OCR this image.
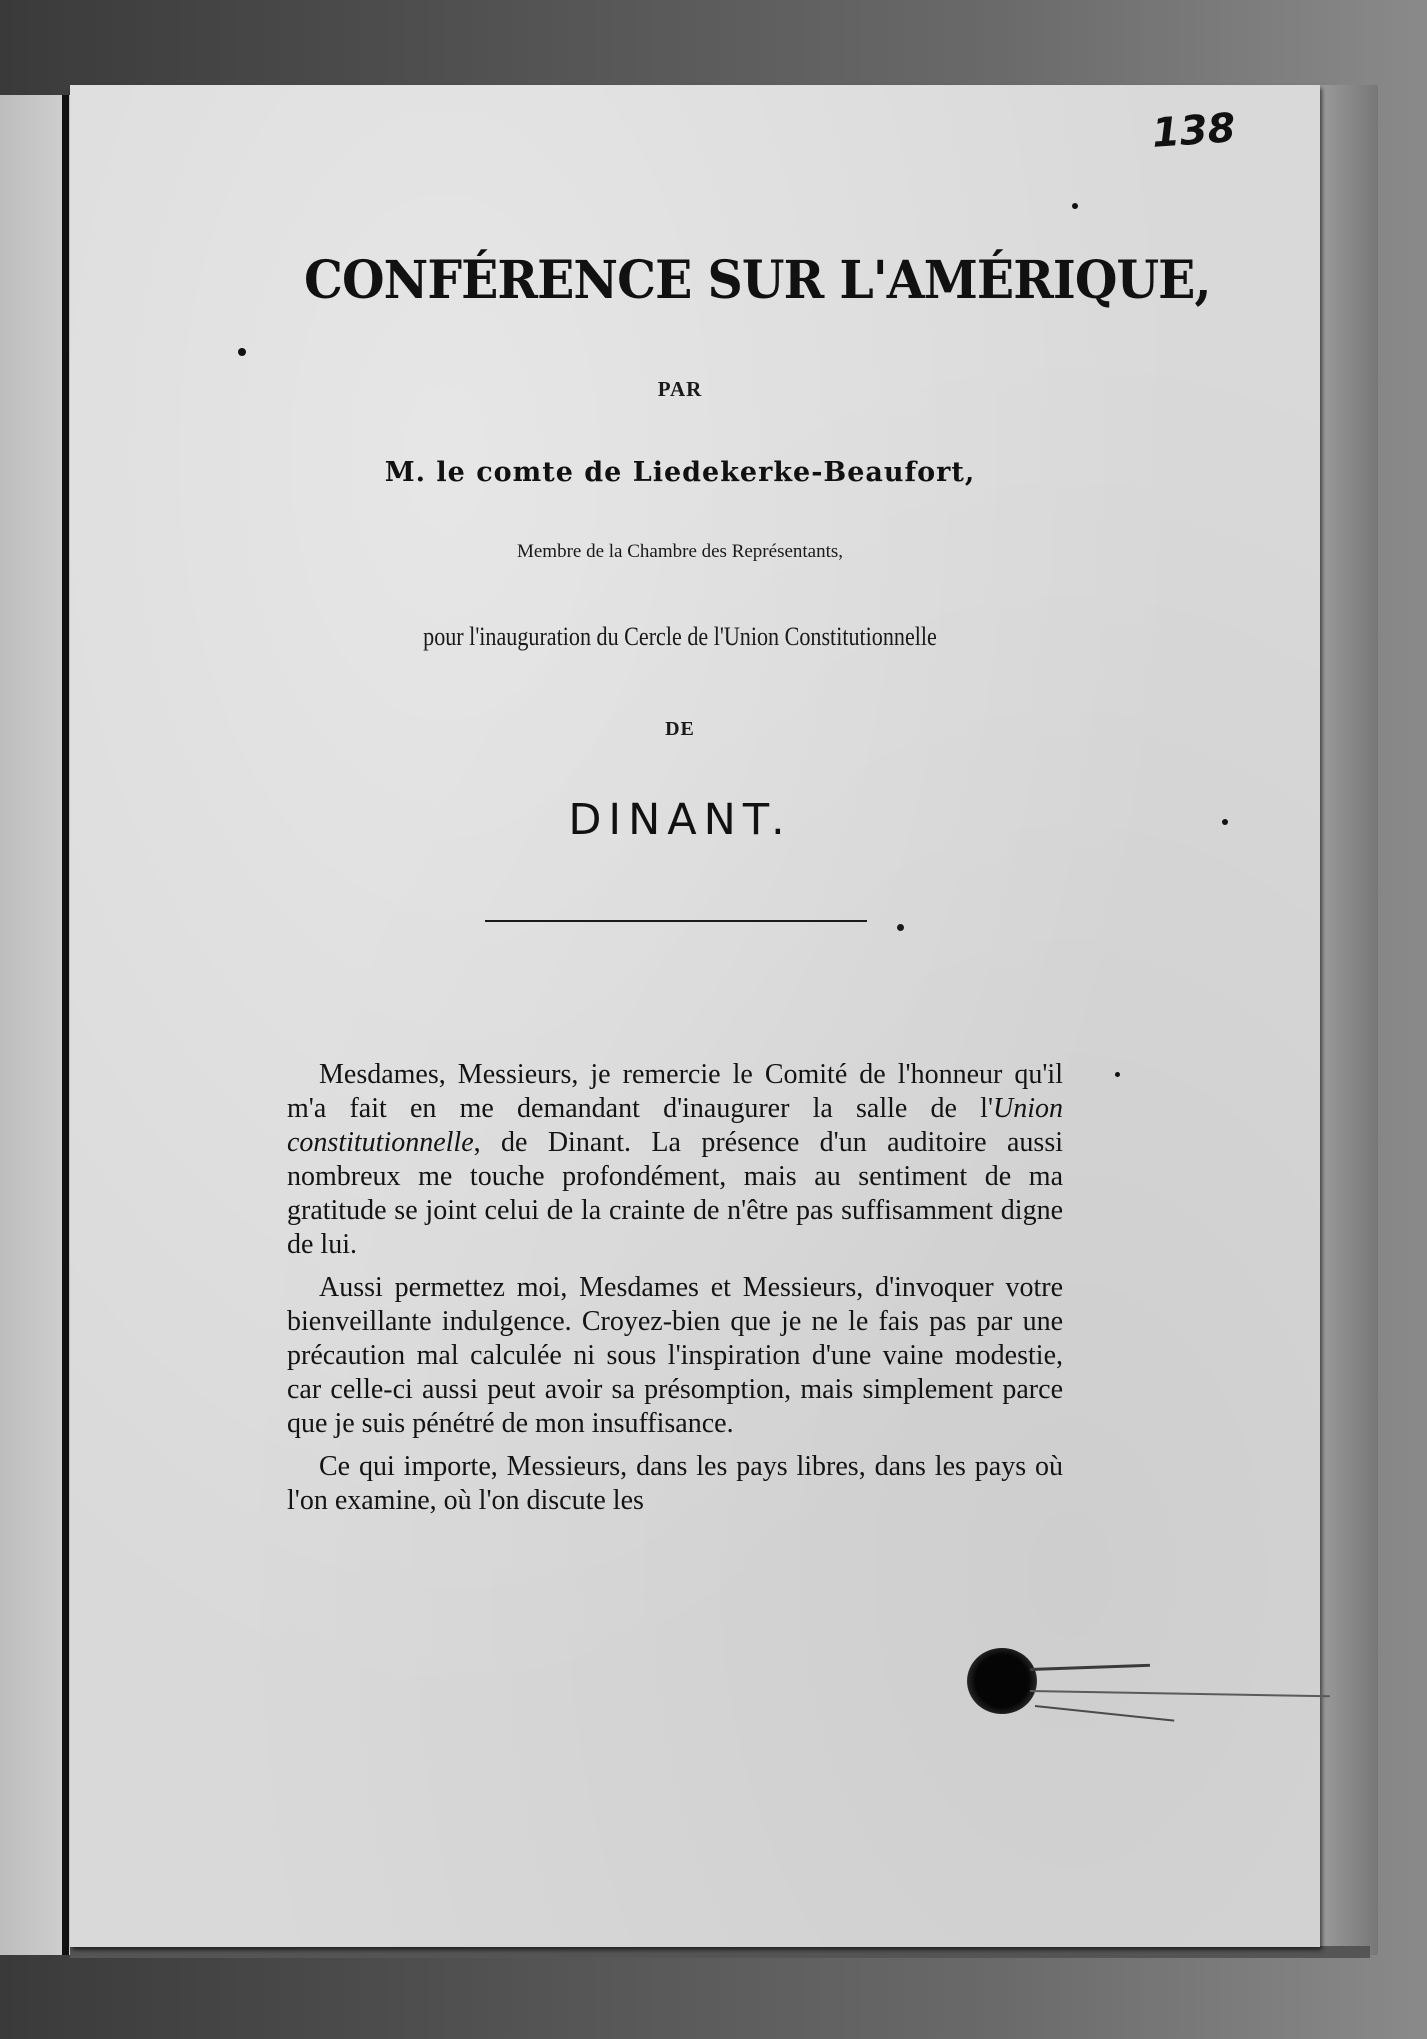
138
CONFÉRENCE SUR L'AMÉRIQUE,
PAR
M. le comte de Liedekerke-Beaufort,
Membre de la Chambre des Représentants,
pour l'inauguration du Cercle de l'Union Constitutionnelle
DE
DINANT.

Mesdames, Messieurs, je remercie le Comité de l'honneur qu'il m'a fait en me demandant d'inaugurer la salle de l'Union constitutionnelle, de Dinant. La présence d'un auditoire aussi nombreux me touche profondément, mais au sentiment de ma gratitude se joint celui de la crainte de n'être pas suffisamment digne de lui.

Aussi permettez moi, Mesdames et Messieurs, d'invoquer votre bienveillante indulgence. Croyez-bien que je ne le fais pas par une précaution mal calculée ni sous l'inspiration d'une vaine modestie, car celle-ci aussi peut avoir sa présomption, mais simplement parce que je suis pénétré de mon insuffisance.

Ce qui importe, Messieurs, dans les pays libres, dans les pays où l'on examine, où l'on discute les
